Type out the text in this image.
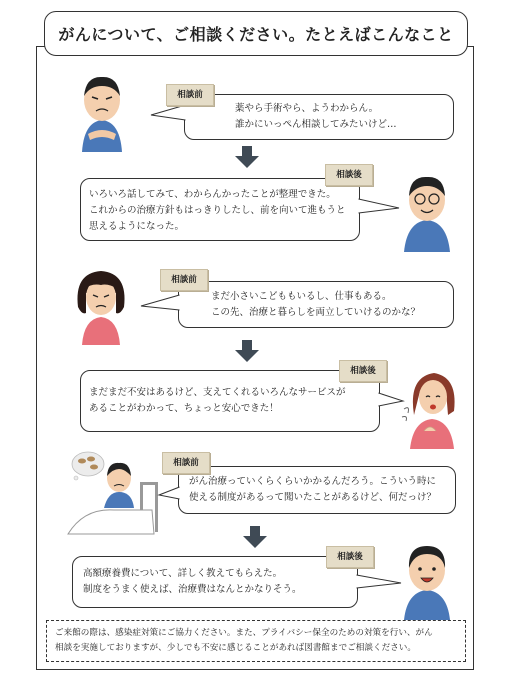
がんについて、ご相談ください。たとえばこんなこと
相談前
薬やら手術やら、ようわからん。
誰かにいっぺん相談してみたいけど…
相談後
いろいろ話してみて、わからんかったことが整理できた。
これからの治療方針もはっきりしたし、前を向いて進もうと
思えるようになった。
相談前
まだ小さいこどももいるし、仕事もある。
この先、治療と暮らしを両立していけるのかな？
相談後
まだまだ不安はあるけど、支えてくれるいろんなサービスが
あることがわかって、ちょっと安心できた！
相談前
がん治療っていくらくらいかかるんだろう。こういう時に
使える制度があるって聞いたことがあるけど、何だっけ？
相談後
高額療養費について、詳しく教えてもらえた。
制度をうまく使えば、治療費はなんとかなりそう。
ご来館の際は、感染症対策にご協力ください。また、プライバシー保全のための対策を行い、がん
相談を実施しておりますが、少しでも不安に感じることがあれば図書館までご相談ください。
